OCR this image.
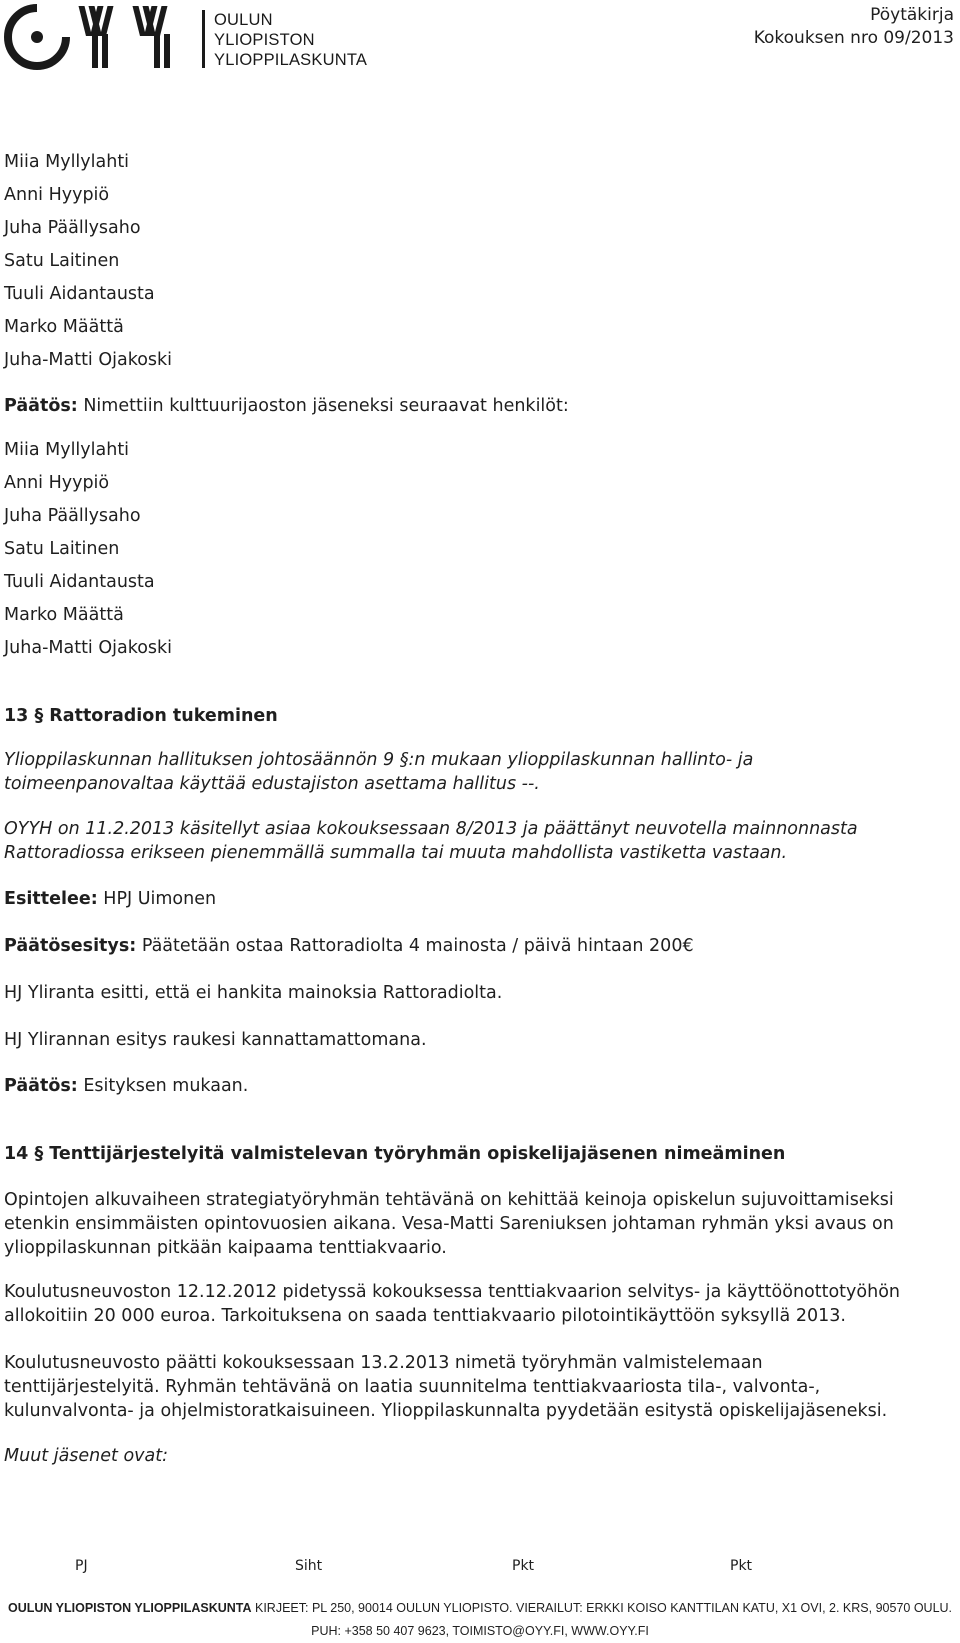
OULUN
YLIOPISTON
YLIOPPILASKUNTA
Pöytäkirja
Kokouksen nro 09/2013
Miia Myllylahti
Anni Hyypiö
Juha Päällysaho
Satu Laitinen
Tuuli Aidantausta
Marko Määttä
Juha-Matti Ojakoski
Päätös: Nimettiin kulttuurijaoston jäseneksi seuraavat henkilöt:
Miia Myllylahti
Anni Hyypiö
Juha Päällysaho
Satu Laitinen
Tuuli Aidantausta
Marko Määttä
Juha-Matti Ojakoski
13 § Rattoradion tukeminen
Ylioppilaskunnan hallituksen johtosäännön 9 §:n mukaan ylioppilaskunnan hallinto- ja
toimeenpanovaltaa käyttää edustajiston asettama hallitus --.
OYYH on 11.2.2013 käsitellyt asiaa kokouksessaan 8/2013 ja päättänyt neuvotella mainnonnasta
Rattoradiossa erikseen pienemmällä summalla tai muuta mahdollista vastiketta vastaan.
Esittelee: HPJ Uimonen
Päätösesitys: Päätetään ostaa Rattoradiolta 4 mainosta / päivä hintaan 200€
HJ Yliranta esitti, että ei hankita mainoksia Rattoradiolta.
HJ Ylirannan esitys raukesi kannattamattomana.
Päätös: Esityksen mukaan.
14 § Tenttijärjestelyitä valmistelevan työryhmän opiskelijajäsenen nimeäminen
Opintojen alkuvaiheen strategiatyöryhmän tehtävänä on kehittää keinoja opiskelun sujuvoittamiseksi
etenkin ensimmäisten opintovuosien aikana. Vesa-Matti Sareniuksen johtaman ryhmän yksi avaus on
ylioppilaskunnan pitkään kaipaama tenttiakvaario.
Koulutusneuvoston 12.12.2012 pidetyssä kokouksessa tenttiakvaarion selvitys- ja käyttöönottotyöhön
allokoitiin 20 000 euroa. Tarkoituksena on saada tenttiakvaario pilotointikäyttöön syksyllä 2013.
Koulutusneuvosto päätti kokouksessaan 13.2.2013 nimetä työryhmän valmistelemaan
tenttijärjestelyitä. Ryhmän tehtävänä on laatia suunnitelma tenttiakvaariosta tila-, valvonta-,
kulunvalvonta- ja ohjelmistoratkaisuineen. Ylioppilaskunnalta pyydetään esitystä opiskelijajäseneksi.
Muut jäsenet ovat:
PJ	Siht	Pkt	Pkt
OULUN YLIOPISTON YLIOPPILASKUNTA KIRJEET: PL 250, 90014 OULUN YLIOPISTO. VIERAILUT: ERKKI KOISO KANTTILAN KATU, X1 OVI, 2. KRS, 90570 OULU.
PUH: +358 50 407 9623, TOIMISTO@OYY.FI, WWW.OYY.FI
